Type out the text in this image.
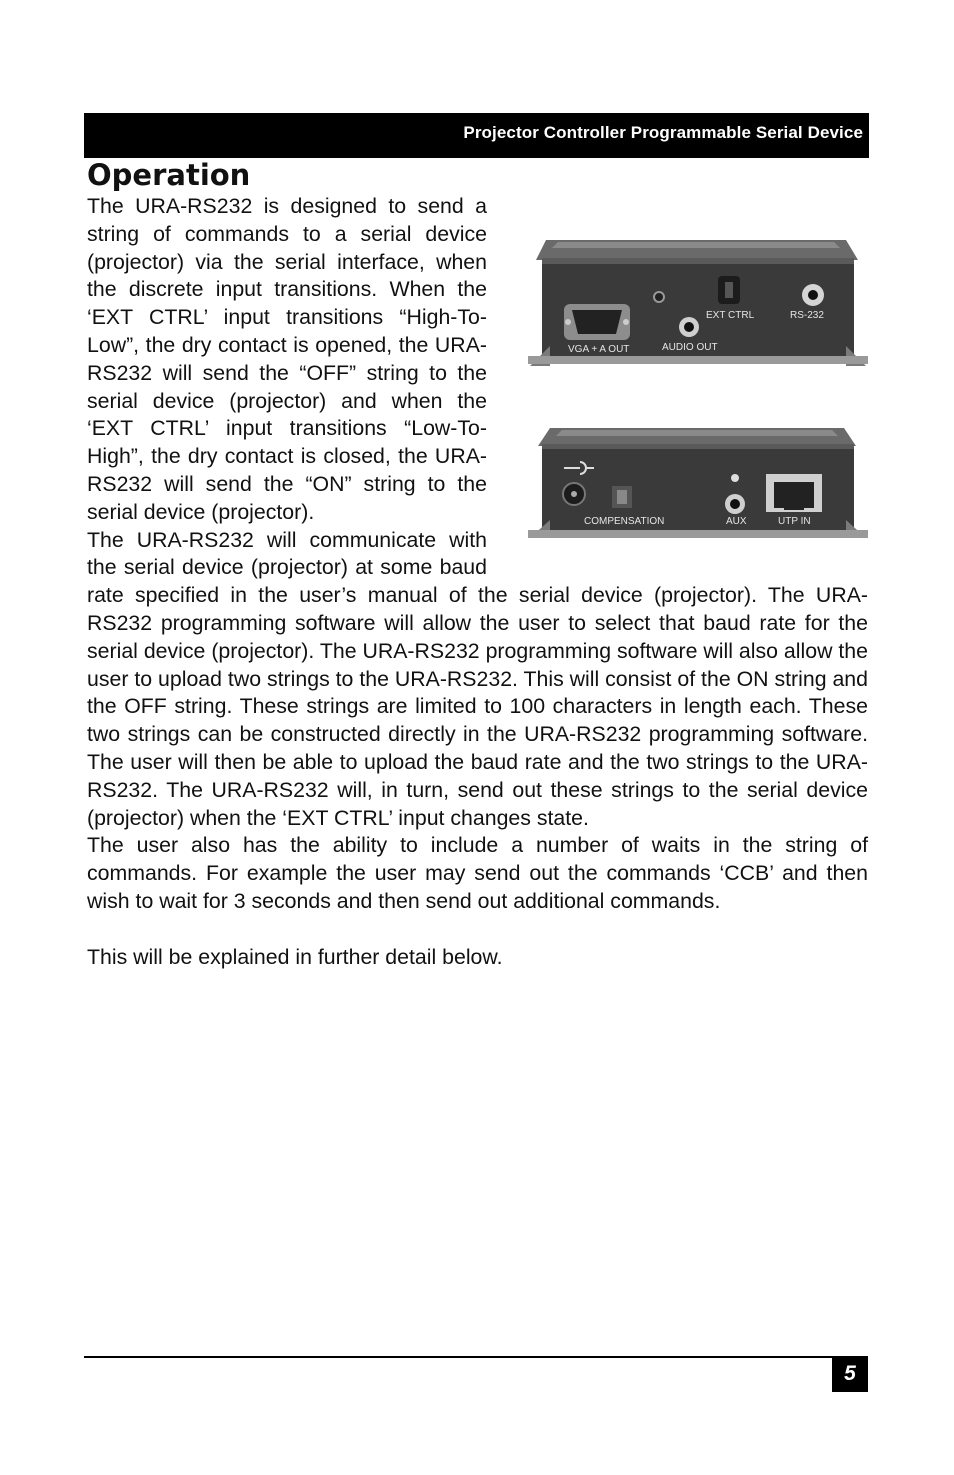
Projector Controller Programmable Serial Device
Operation

The URA-RS232 is designed to send a string of commands to a serial device (projector) via the serial interface, when the discrete input transitions. When the ‘EXT CTRL’ input transitions “High-To-Low”, the dry contact is opened, the URA-RS232 will send the “OFF” string to the serial device (projector) and when the ‘EXT CTRL’ input transitions “Low-To-High”, the dry contact is closed, the URA-RS232 will send the “ON” string to the serial device (projector).

The URA-RS232 will communicate with the serial device (projector) at some baud rate specified in the user’s manual of the serial device (projector). The URA-RS232 programming software will allow the user to select that baud rate for the serial device (projector). The URA-RS232 programming software will also allow the user to upload two strings to the URA-RS232. This will consist of the ON string and the OFF string. These strings are limited to 100 characters in length each. These two strings can be constructed directly in the URA-RS232 programming software. The user will then be able to upload the baud rate and the two strings to the URA-RS232. The URA-RS232 will, in turn, send out these strings to the serial device (projector) when the ‘EXT CTRL’ input changes state.

The user also has the ability to include a number of waits in the string of commands. For example the user may send out the commands ‘CCB’ and then wish to wait for 3 seconds and then send out additional commands.

This will be explained in further detail below.

VGA + A OUT	AUDIO OUT
EXT CTRL	RS-232
COMPENSATION	AUX	UTP IN
5
